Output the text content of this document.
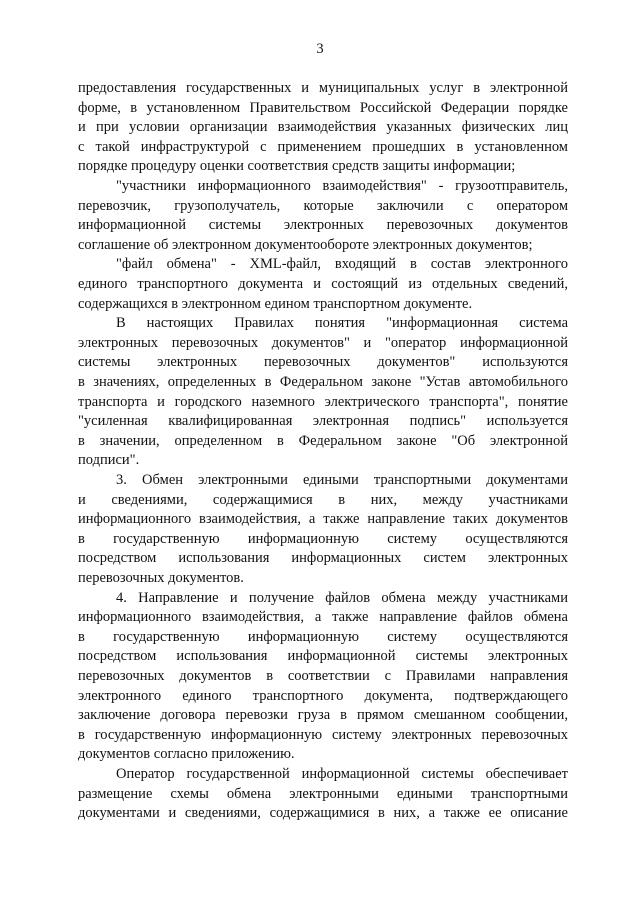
3
предоставления государственных и муниципальных услуг в электронной
форме, в установленном Правительством Российской Федерации порядке
и при условии организации взаимодействия указанных физических лиц
с такой инфраструктурой с применением прошедших в установленном
порядке процедуру оценки соответствия средств защиты информации;
"участники информационного взаимодействия" - грузоотправитель,
перевозчик, грузополучатель, которые заключили с оператором
информационной системы электронных перевозочных документов
соглашение об электронном документообороте электронных документов;
"файл обмена" - XML-файл, входящий в состав электронного
единого транспортного документа и состоящий из отдельных сведений,
содержащихся в электронном едином транспортном документе.
В настоящих Правилах понятия "информационная система
электронных перевозочных документов" и "оператор информационной
системы электронных перевозочных документов" используются
в значениях, определенных в Федеральном законе "Устав автомобильного
транспорта и городского наземного электрического транспорта", понятие
"усиленная квалифицированная электронная подпись" используется
в значении, определенном в Федеральном законе "Об электронной
подписи".
3. Обмен электронными едиными транспортными документами
и сведениями, содержащимися в них, между участниками
информационного взаимодействия, а также направление таких документов
в государственную информационную систему осуществляются
посредством использования информационных систем электронных
перевозочных документов.
4. Направление и получение файлов обмена между участниками
информационного взаимодействия, а также направление файлов обмена
в государственную информационную систему осуществляются
посредством использования информационной системы электронных
перевозочных документов в соответствии с Правилами направления
электронного единого транспортного документа, подтверждающего
заключение договора перевозки груза в прямом смешанном сообщении,
в государственную информационную систему электронных перевозочных
документов согласно приложению.
Оператор государственной информационной системы обеспечивает
размещение схемы обмена электронными едиными транспортными
документами и сведениями, содержащимися в них, а также ее описание
